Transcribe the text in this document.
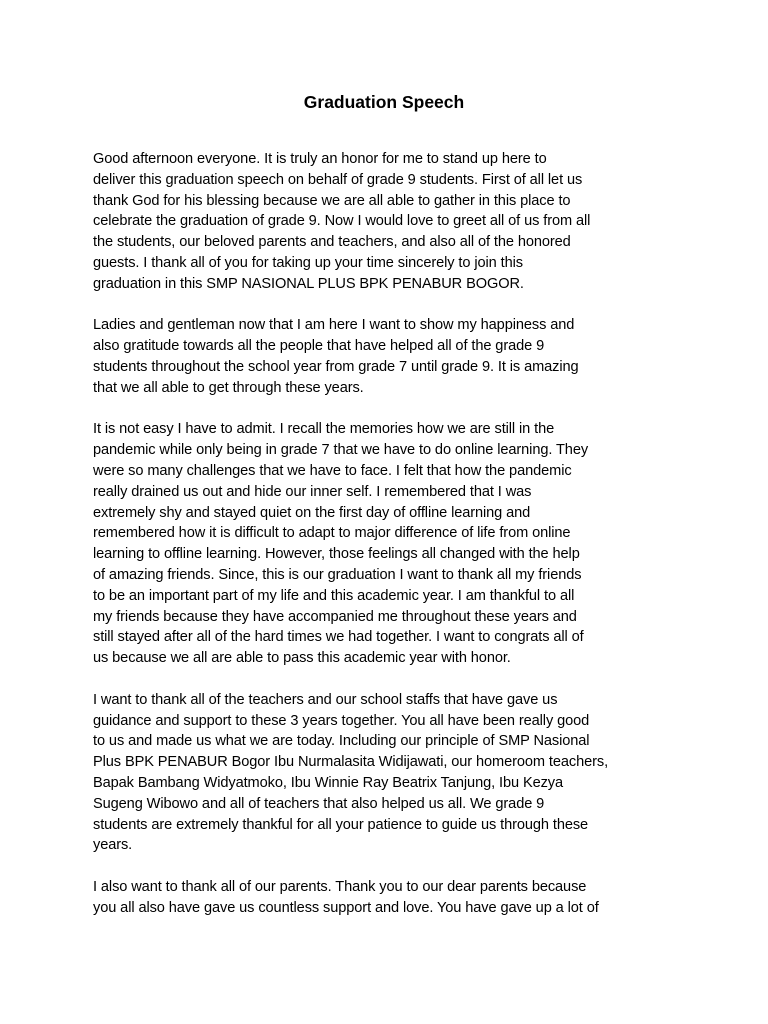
Graduation Speech

Good afternoon everyone. It is truly an honor for me to stand up here to
deliver this graduation speech on behalf of grade 9 students. First of all let us
thank God for his blessing because we are all able to gather in this place to
celebrate the graduation of grade 9. Now I would love to greet all of us from all
the students, our beloved parents and teachers, and also all of the honored
guests. I thank all of you for taking up your time sincerely to join this
graduation in this SMP NASIONAL PLUS BPK PENABUR BOGOR.

Ladies and gentleman now that I am here I want to show my happiness and
also gratitude towards all the people that have helped all of the grade 9
students throughout the school year from grade 7 until grade 9. It is amazing
that we all able to get through these years.

It is not easy I have to admit. I recall the memories how we are still in the
pandemic while only being in grade 7 that we have to do online learning. They
were so many challenges that we have to face. I felt that how the pandemic
really drained us out and hide our inner self. I remembered that I was
extremely shy and stayed quiet on the first day of offline learning and
remembered how it is difficult to adapt to major difference of life from online
learning to offline learning. However, those feelings all changed with the help
of amazing friends. Since, this is our graduation I want to thank all my friends
to be an important part of my life and this academic year. I am thankful to all
my friends because they have accompanied me throughout these years and
still stayed after all of the hard times we had together. I want to congrats all of
us because we all are able to pass this academic year with honor.

I want to thank all of the teachers and our school staffs that have gave us
guidance and support to these 3 years together. You all have been really good
to us and made us what we are today. Including our principle of SMP Nasional
Plus BPK PENABUR Bogor Ibu Nurmalasita Widijawati, our homeroom teachers,
Bapak Bambang Widyatmoko, Ibu Winnie Ray Beatrix Tanjung, Ibu Kezya
Sugeng Wibowo and all of teachers that also helped us all. We grade 9
students are extremely thankful for all your patience to guide us through these
years.

I also want to thank all of our parents. Thank you to our dear parents because
you all also have gave us countless support and love. You have gave up a lot of
